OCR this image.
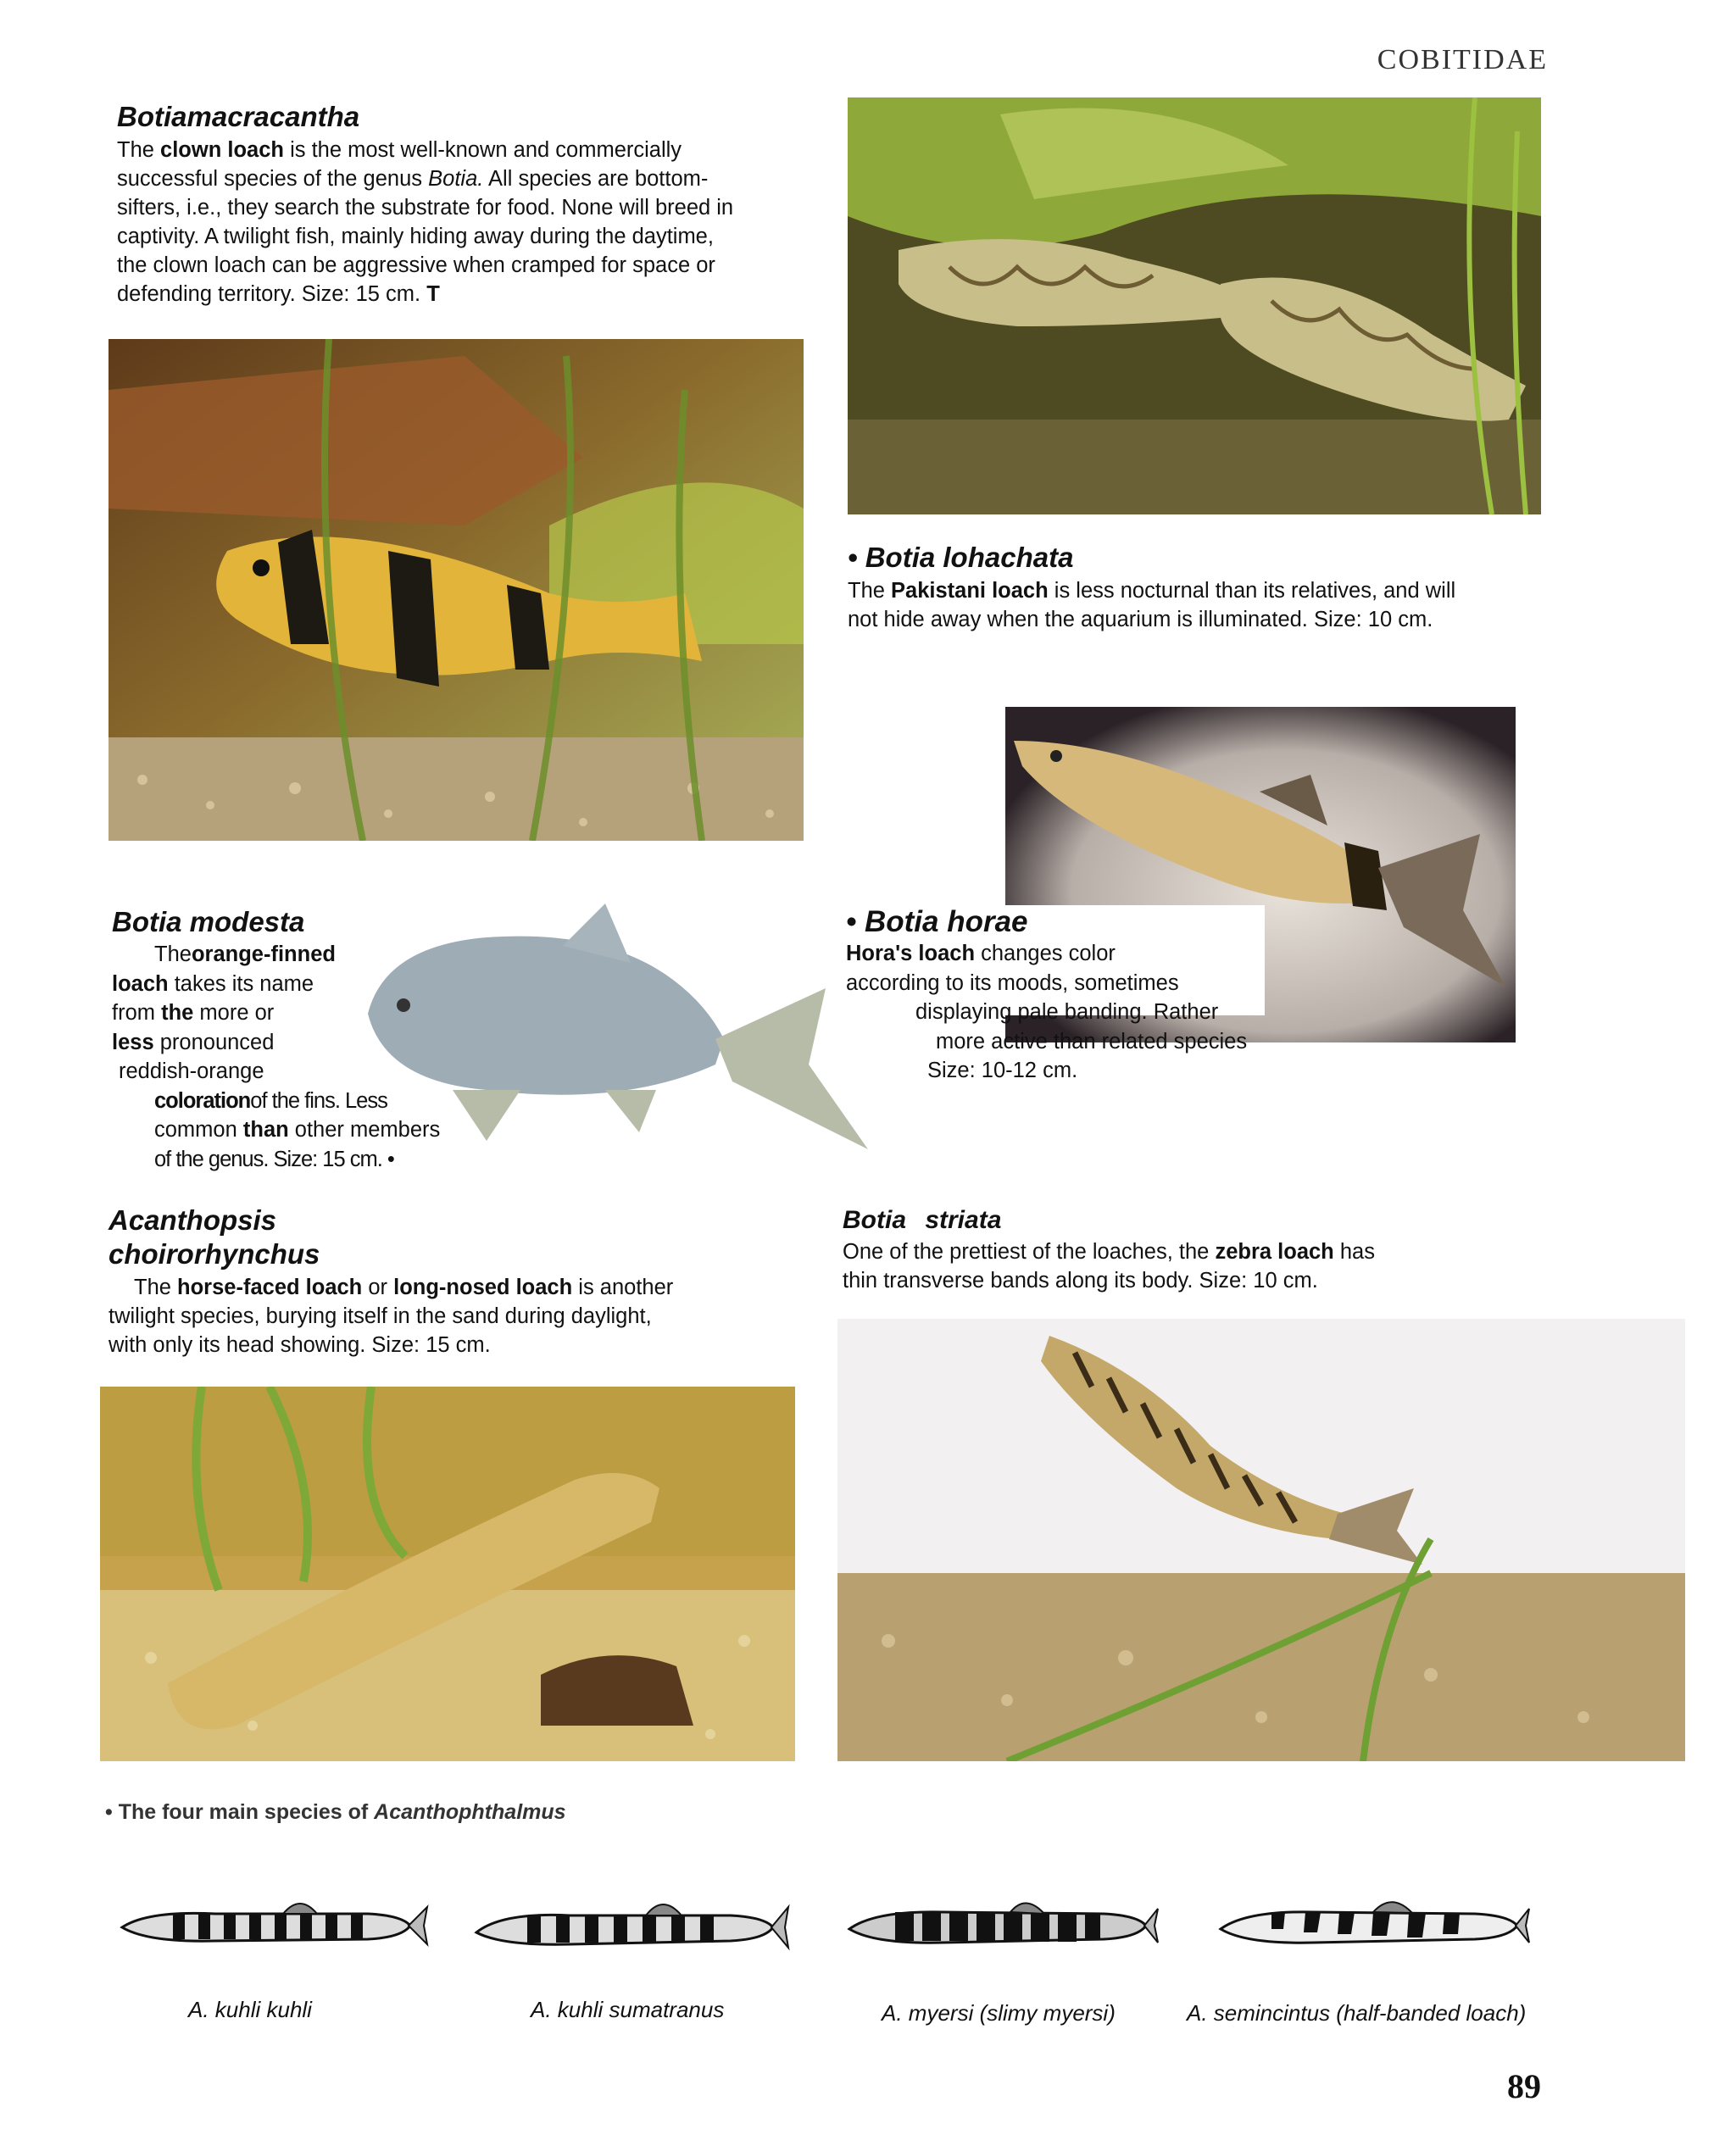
COBITIDAE
Botiamacracantha
The clown loach is the most well-known and commercially
successful species of the genus Botia. All species are bottom-
sifters, i.e., they search the substrate for food. None will breed in
captivity. A twilight fish, mainly hiding away during the daytime,
the clown loach can be aggressive when cramped for space or
defending territory. Size: 15 cm. T
• Botia lohachata
The Pakistani loach is less nocturnal than its relatives, and will
not hide away when the aquarium is illuminated. Size: 10 cm.
Botia modesta
Theorange-finned
loach takes its name
from the more or
less pronounced
reddish-orange
colorationof the fins. Less
common than other members
of the genus. Size: 15 cm. •
• Botia horae
Hora's loach changes color
according to its moods, sometimes
displaying pale banding. Rather
more active than related species
Size: 10-12 cm.
Acanthopsis
choirorhynchus
The horse-faced loach or long-nosed loach is another
twilight species, burying itself in the sand during daylight,
with only its head showing. Size: 15 cm.
Botia striata
One of the prettiest of the loaches, the zebra loach has
thin transverse bands along its body. Size: 10 cm.
• The four main species of Acanthophthalmus
A. kuhli kuhli	A. kuhli sumatranus	A. myersi (slimy myersi)	A. semincintus (half-banded loach)
89
